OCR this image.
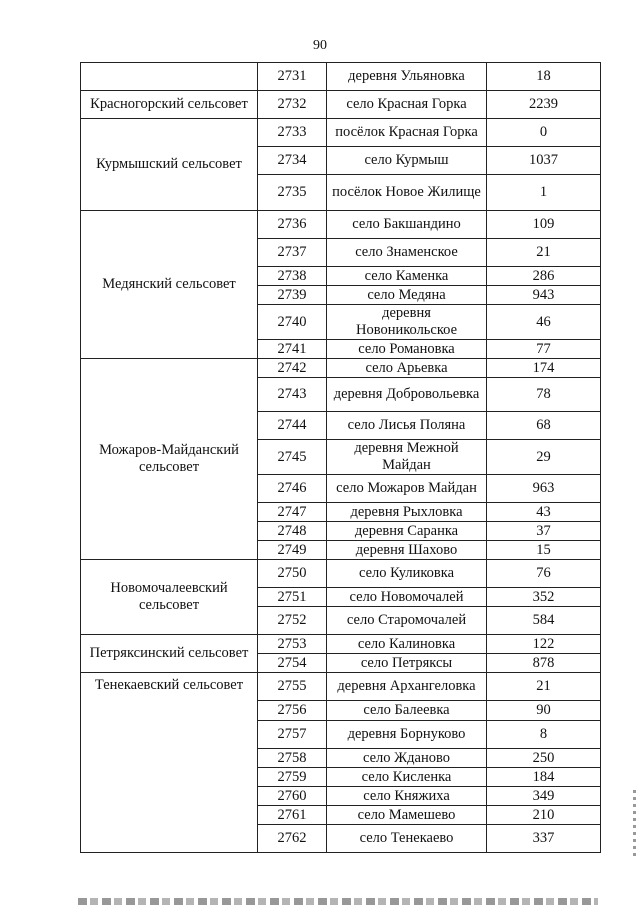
90
	2731	деревня Ульяновка	18
Красногорский сельсовет	2732	село Красная Горка	2239
Курмышский сельсовет	2733	посёлок Красная Горка	0
	2734	село Курмыш	1037
	2735	посёлок Новое Жилище	1
Медянский сельсовет	2736	село Бакшандино	109
	2737	село Знаменское	21
	2738	село Каменка	286
	2739	село Медяна	943
	2740	деревня Новоникольское	46
	2741	село Романовка	77
Можаров-Майданский сельсовет	2742	село Арьевка	174
	2743	деревня Добровольевка	78
	2744	село Лисья Поляна	68
	2745	деревня Межной Майдан	29
	2746	село Можаров Майдан	963
	2747	деревня Рыхловка	43
	2748	деревня Саранка	37
	2749	деревня Шахово	15
Новомочалеевский сельсовет	2750	село Куликовка	76
	2751	село Новомочалей	352
	2752	село Старомочалей	584
Петряксинский сельсовет	2753	село Калиновка	122
	2754	село Петряксы	878
Тенекаевский сельсовет	2755	деревня Архангеловка	21
	2756	село Балеевка	90
	2757	деревня Борнуково	8
	2758	село Жданово	250
	2759	село Кисленка	184
	2760	село Княжиха	349
	2761	село Мамешево	210
	2762	село Тенекаево	337
